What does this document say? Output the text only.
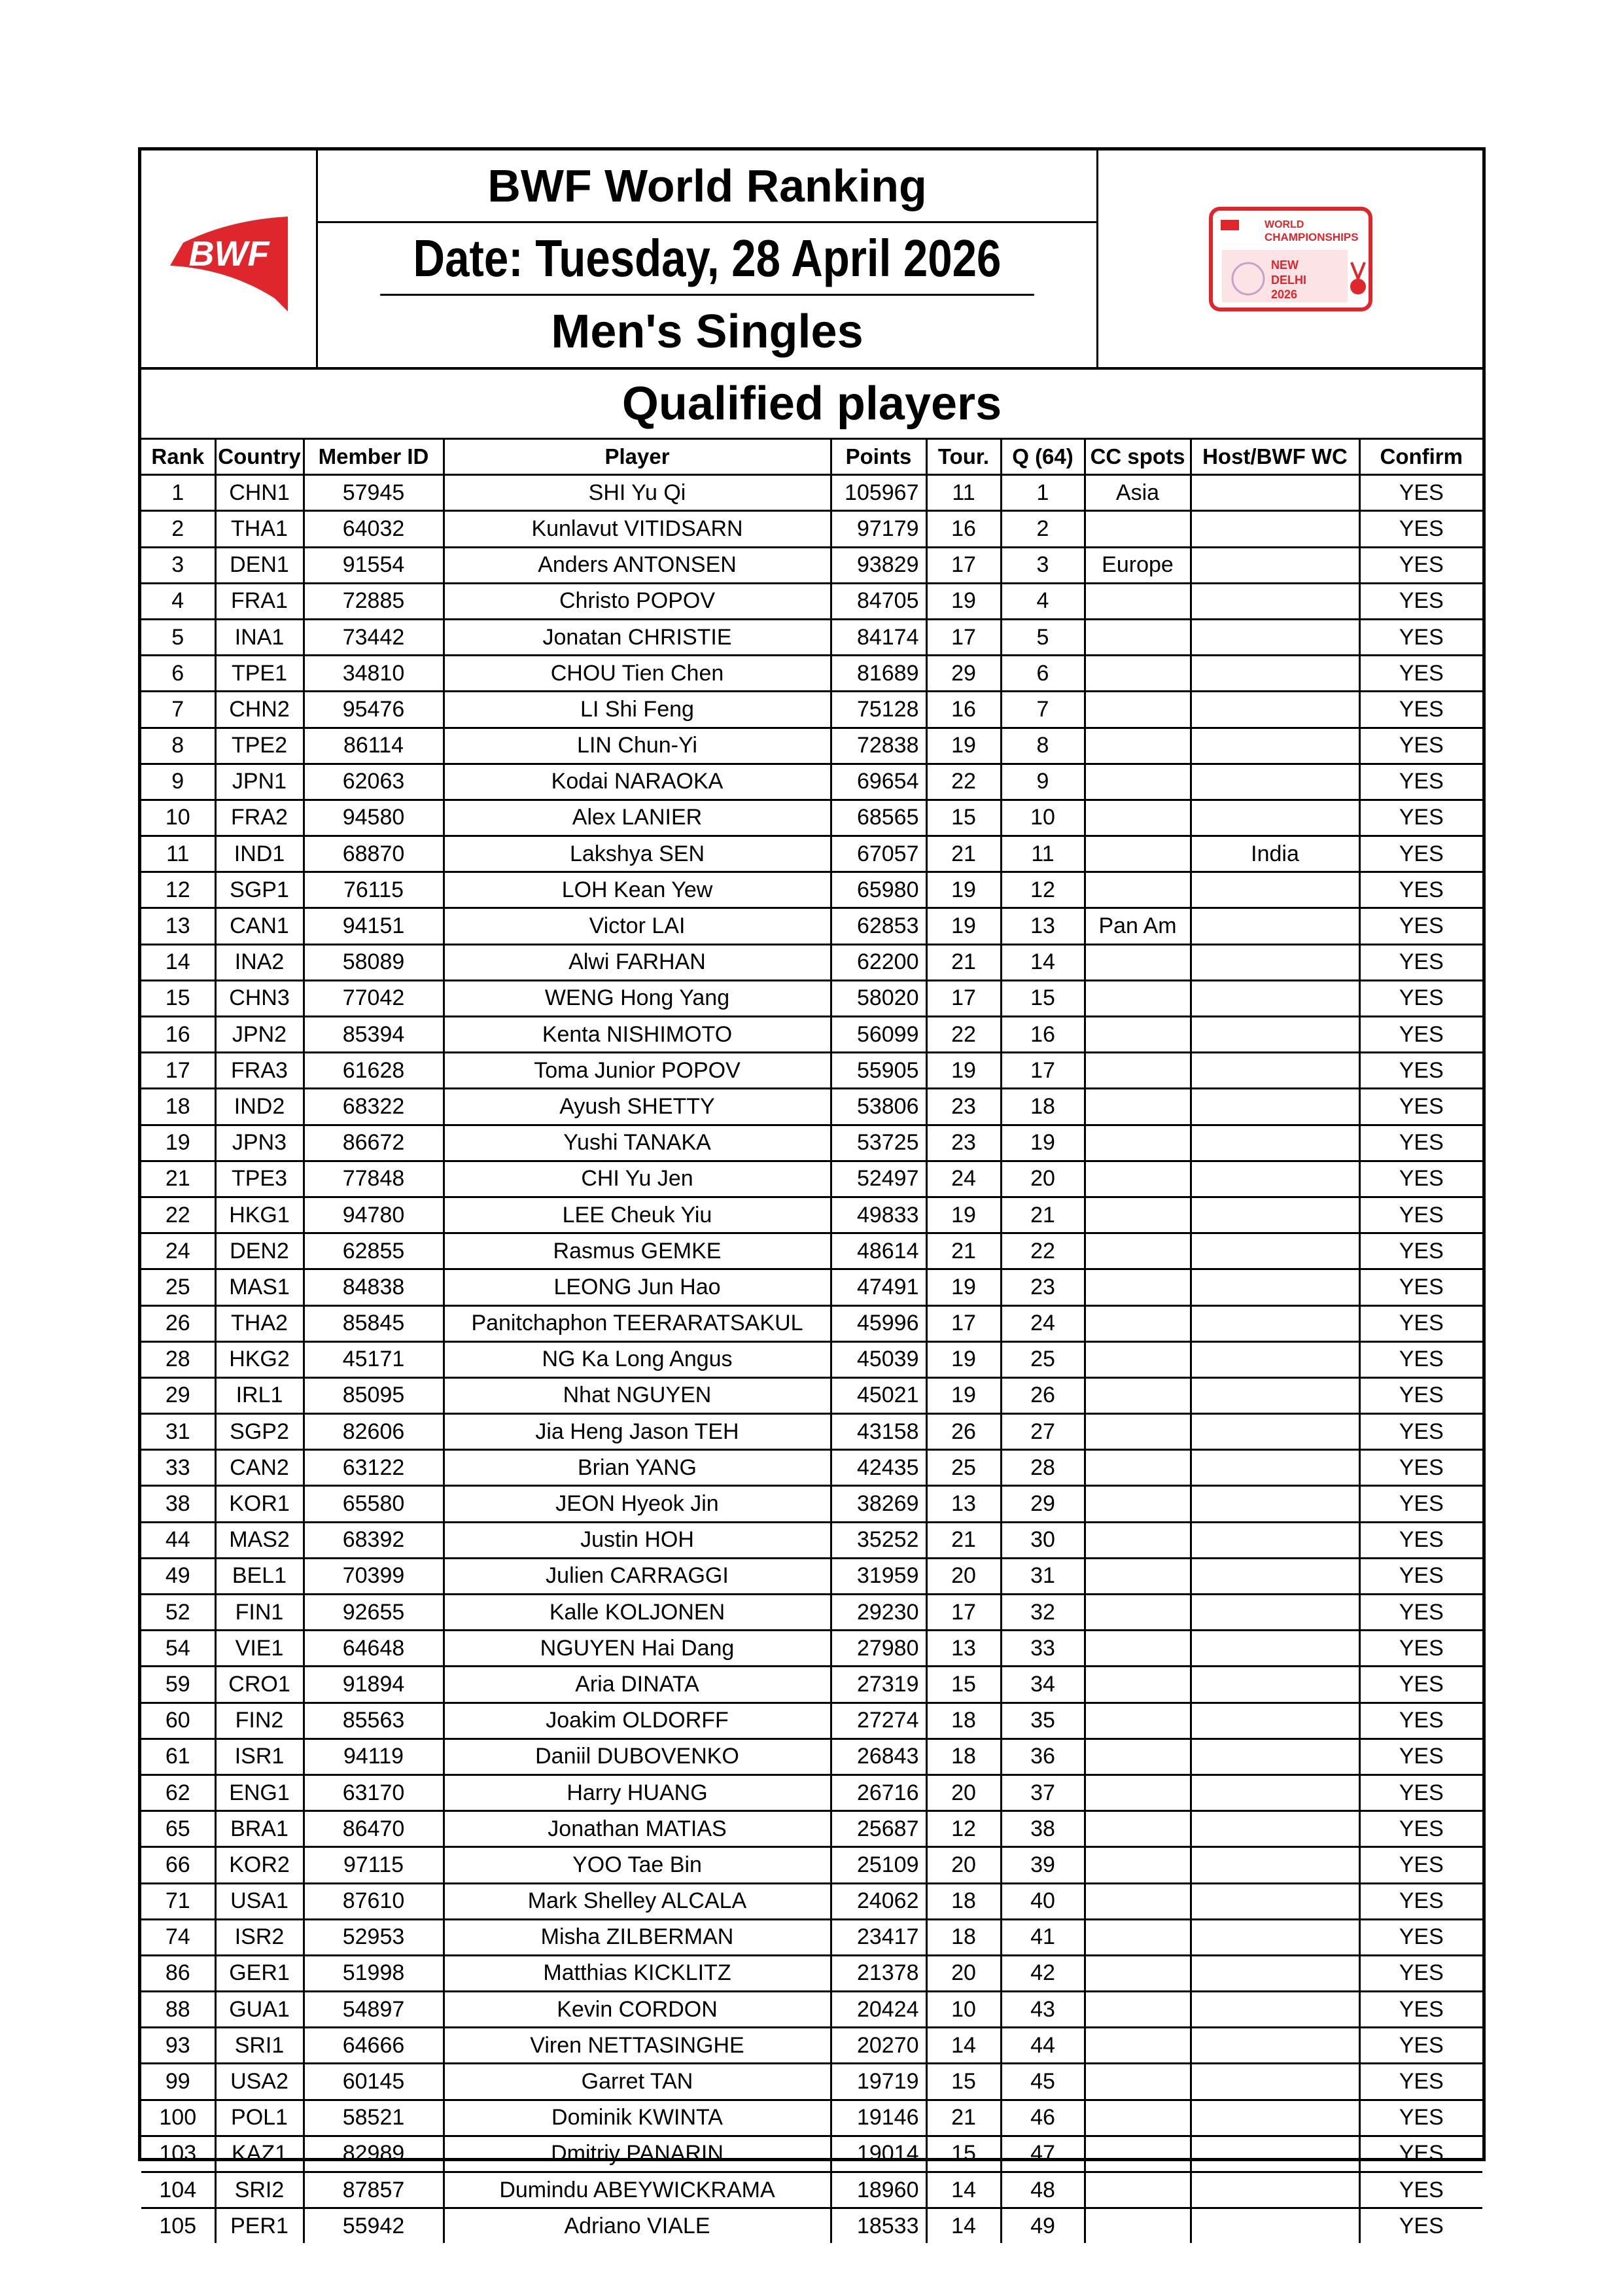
BWF
BWF World Ranking
Date: Tuesday, 28 April 2026
Men's Singles
WORLD
CHAMPIONSHIPS
NEW
DELHI
2026
Qualified players
Rank	Country	Member ID	Player	Points	Tour.	Q (64)	CC spots	Host/BWF WC	Confirm
1	CHN1	57945	SHI Yu Qi	105967	11	1	Asia		YES
2	THA1	64032	Kunlavut VITIDSARN	97179	16	2			YES
3	DEN1	91554	Anders ANTONSEN	93829	17	3	Europe		YES
4	FRA1	72885	Christo POPOV	84705	19	4			YES
5	INA1	73442	Jonatan CHRISTIE	84174	17	5			YES
6	TPE1	34810	CHOU Tien Chen	81689	29	6			YES
7	CHN2	95476	LI Shi Feng	75128	16	7			YES
8	TPE2	86114	LIN Chun-Yi	72838	19	8			YES
9	JPN1	62063	Kodai NARAOKA	69654	22	9			YES
10	FRA2	94580	Alex LANIER	68565	15	10			YES
11	IND1	68870	Lakshya SEN	67057	21	11		India	YES
12	SGP1	76115	LOH Kean Yew	65980	19	12			YES
13	CAN1	94151	Victor LAI	62853	19	13	Pan Am		YES
14	INA2	58089	Alwi FARHAN	62200	21	14			YES
15	CHN3	77042	WENG Hong Yang	58020	17	15			YES
16	JPN2	85394	Kenta NISHIMOTO	56099	22	16			YES
17	FRA3	61628	Toma Junior POPOV	55905	19	17			YES
18	IND2	68322	Ayush SHETTY	53806	23	18			YES
19	JPN3	86672	Yushi TANAKA	53725	23	19			YES
21	TPE3	77848	CHI Yu Jen	52497	24	20			YES
22	HKG1	94780	LEE Cheuk Yiu	49833	19	21			YES
24	DEN2	62855	Rasmus GEMKE	48614	21	22			YES
25	MAS1	84838	LEONG Jun Hao	47491	19	23			YES
26	THA2	85845	Panitchaphon TEERARATSAKUL	45996	17	24			YES
28	HKG2	45171	NG Ka Long Angus	45039	19	25			YES
29	IRL1	85095	Nhat NGUYEN	45021	19	26			YES
31	SGP2	82606	Jia Heng Jason TEH	43158	26	27			YES
33	CAN2	63122	Brian YANG	42435	25	28			YES
38	KOR1	65580	JEON Hyeok Jin	38269	13	29			YES
44	MAS2	68392	Justin HOH	35252	21	30			YES
49	BEL1	70399	Julien CARRAGGI	31959	20	31			YES
52	FIN1	92655	Kalle KOLJONEN	29230	17	32			YES
54	VIE1	64648	NGUYEN Hai Dang	27980	13	33			YES
59	CRO1	91894	Aria DINATA	27319	15	34			YES
60	FIN2	85563	Joakim OLDORFF	27274	18	35			YES
61	ISR1	94119	Daniil DUBOVENKO	26843	18	36			YES
62	ENG1	63170	Harry HUANG	26716	20	37			YES
65	BRA1	86470	Jonathan MATIAS	25687	12	38			YES
66	KOR2	97115	YOO Tae Bin	25109	20	39			YES
71	USA1	87610	Mark Shelley ALCALA	24062	18	40			YES
74	ISR2	52953	Misha ZILBERMAN	23417	18	41			YES
86	GER1	51998	Matthias KICKLITZ	21378	20	42			YES
88	GUA1	54897	Kevin CORDON	20424	10	43			YES
93	SRI1	64666	Viren NETTASINGHE	20270	14	44			YES
99	USA2	60145	Garret TAN	19719	15	45			YES
100	POL1	58521	Dominik KWINTA	19146	21	46			YES
103	KAZ1	82989	Dmitriy PANARIN	19014	15	47			YES
104	SRI2	87857	Dumindu ABEYWICKRAMA	18960	14	48			YES
105	PER1	55942	Adriano VIALE	18533	14	49			YES
